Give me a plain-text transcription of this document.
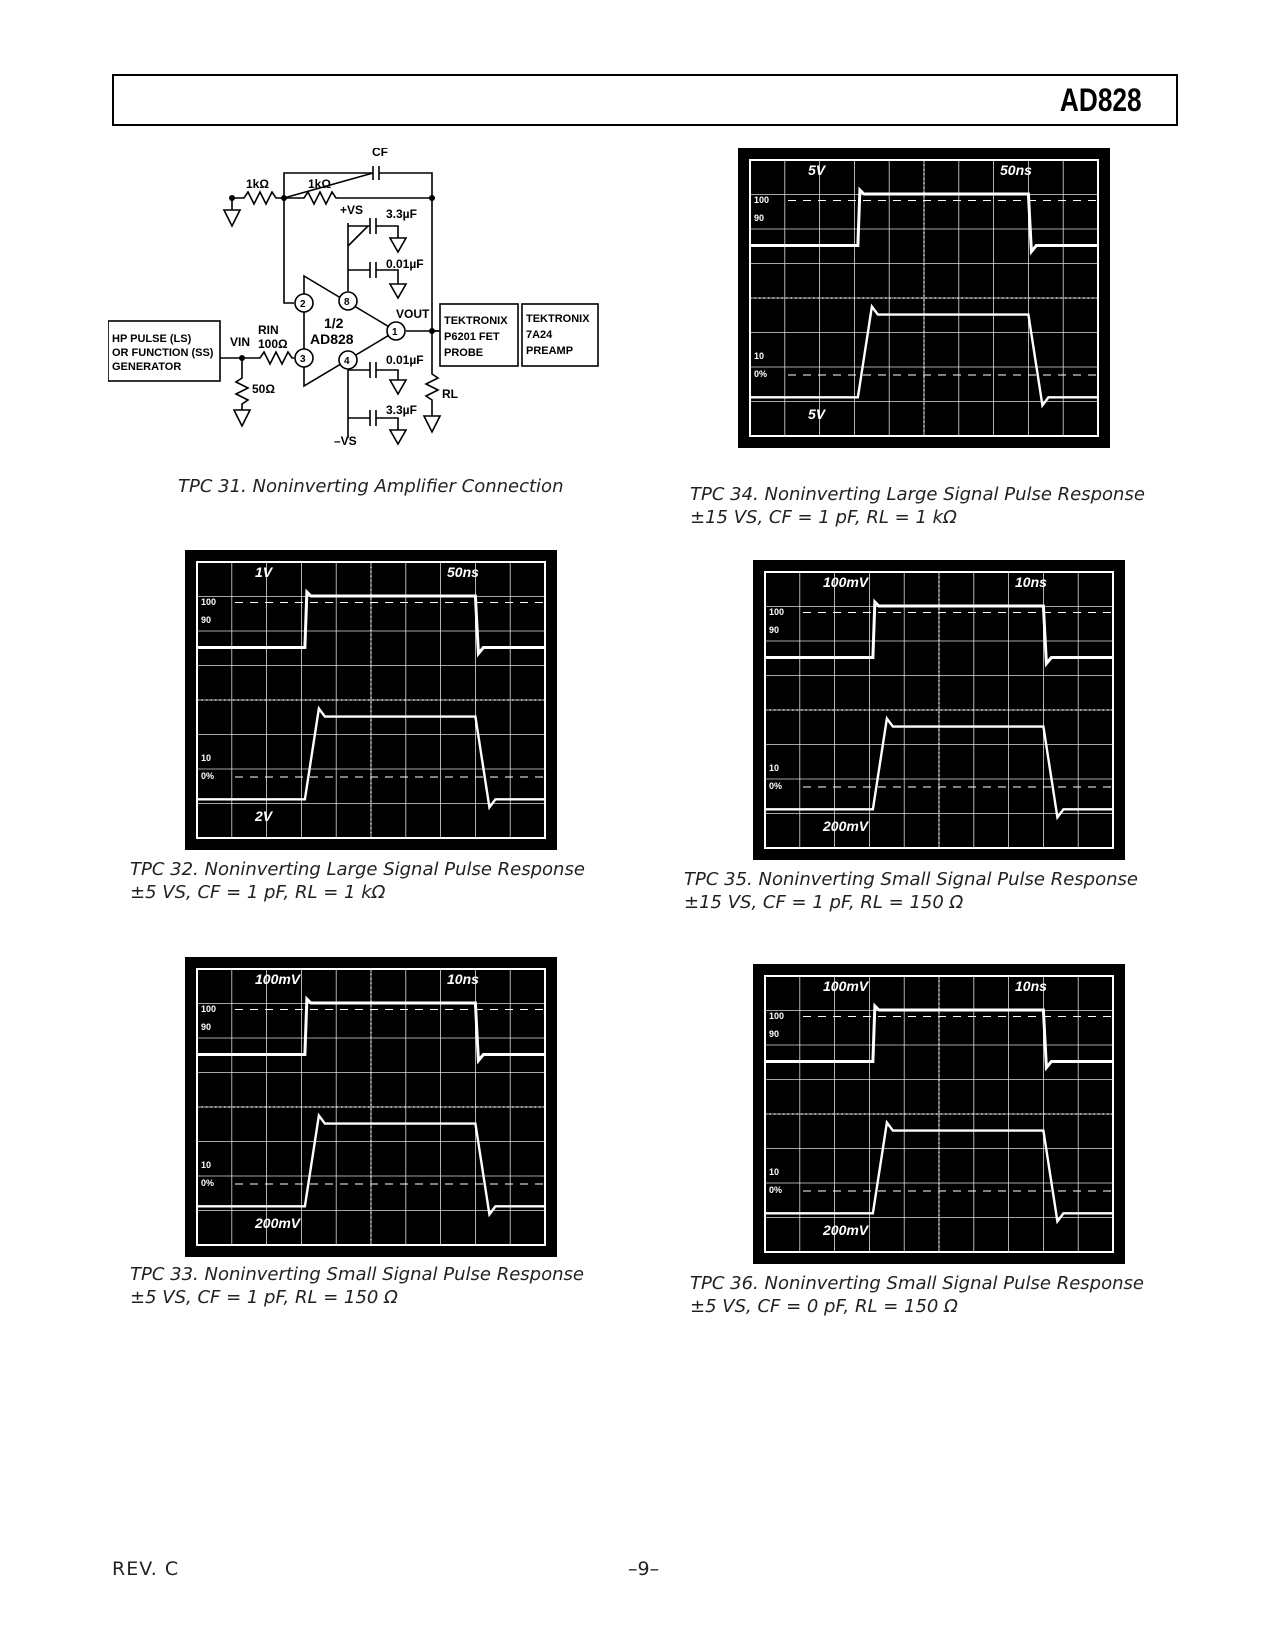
AD828
CF
1kΩ	1kΩ
+VS 3.3µF
0.01µF
0.01µF
3.3µF
–VS
2
3
8
4
1
1/2
AD828
VOUT
RIN
100Ω
VIN
50Ω	RL
HP PULSE (LS)
OR FUNCTION (SS)
GENERATOR
TEKTRONIX
P6201 FET
PROBE
TEKTRONIX
7A24
PREAMP
TPC 31. Noninverting Amplifier Connection
1V	50ns
2V
100
90
10
0%
TPC 32. Noninverting Large Signal Pulse Response
±5 VS, CF = 1 pF, RL = 1 kΩ
100mV	10ns
200mV
100
90
10
0%
TPC 33. Noninverting Small Signal Pulse Response
±5 VS, CF = 1 pF, RL = 150 Ω
5V	50ns
5V
100
90
10
0%
TPC 34. Noninverting Large Signal Pulse Response
±15 VS, CF = 1 pF, RL = 1 kΩ
100mV	10ns
200mV
100
90
10
0%
TPC 35. Noninverting Small Signal Pulse Response
±15 VS, CF = 1 pF, RL = 150 Ω
100mV	10ns
200mV
100
90
10
0%
TPC 36. Noninverting Small Signal Pulse Response
±5 VS, CF = 0 pF, RL = 150 Ω
REV. C	–9–
